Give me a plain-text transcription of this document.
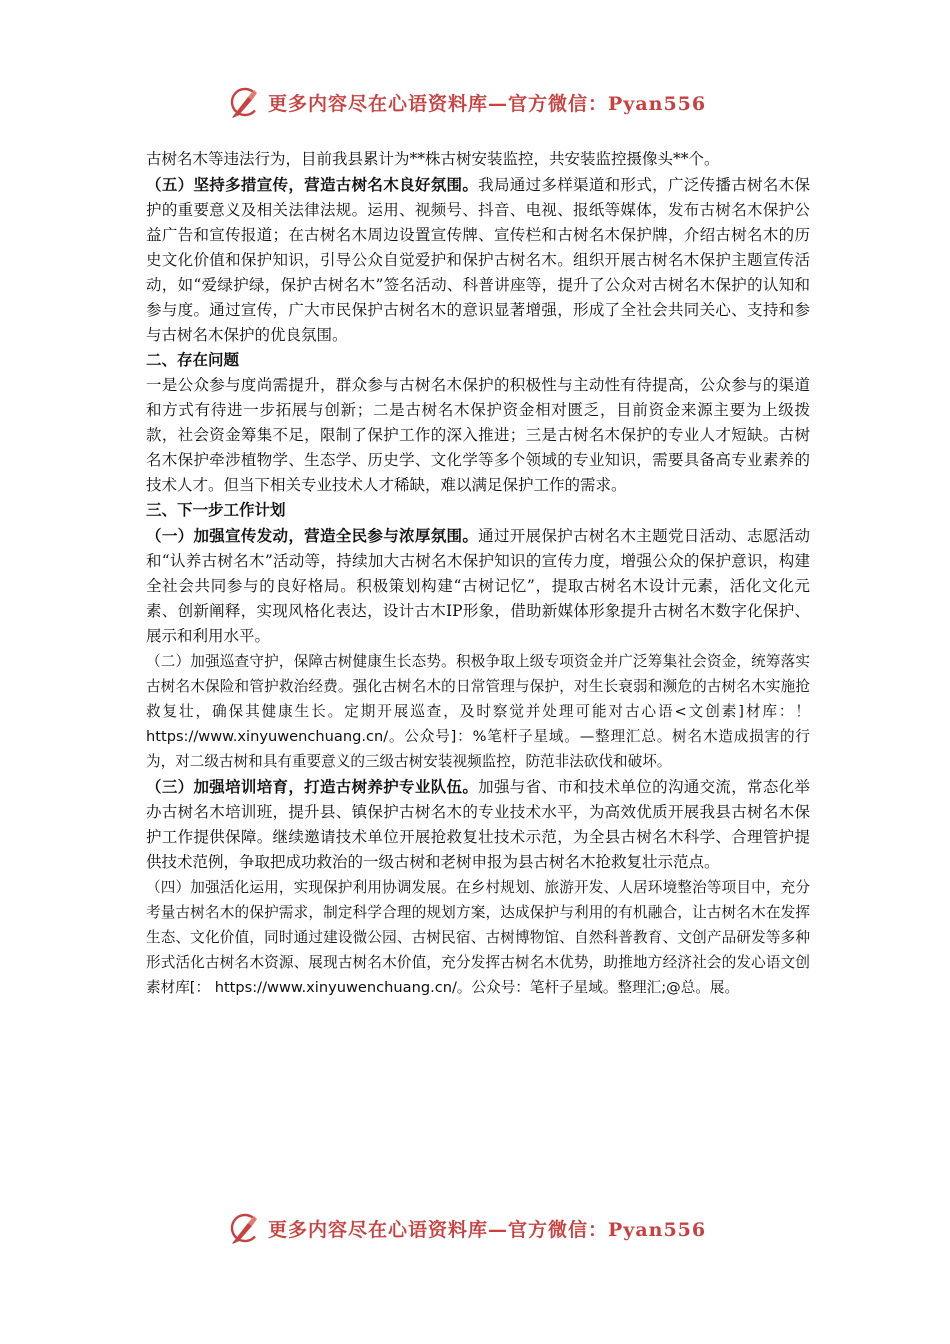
更多内容尽在心语资料库—官方微信：Pyan556

古树名木等违法行为，目前我县累计为**株古树安装监控，共安装监控摄像头**个。

（五）坚持多措宣传，营造古树名木良好氛围。我局通过多样渠道和形式，广泛传播古树名木保护的重要意义及相关法律法规。运用、视频号、抖音、电视、报纸等媒体，发布古树名木保护公益广告和宣传报道；在古树名木周边设置宣传牌、宣传栏和古树名木保护牌，介绍古树名木的历史文化价值和保护知识，引导公众自觉爱护和保护古树名木。组织开展古树名木保护主题宣传活动，如“爱绿护绿，保护古树名木”签名活动、科普讲座等，提升了公众对古树名木保护的认知和参与度。通过宣传，广大市民保护古树名木的意识显著增强，形成了全社会共同关心、支持和参与古树名木保护的优良氛围。

二、存在问题

一是公众参与度尚需提升，群众参与古树名木保护的积极性与主动性有待提高，公众参与的渠道和方式有待进一步拓展与创新；二是古树名木保护资金相对匮乏，目前资金来源主要为上级拨款，社会资金筹集不足，限制了保护工作的深入推进；三是古树名木保护的专业人才短缺。古树名木保护牵涉植物学、生态学、历史学、文化学等多个领域的专业知识，需要具备高专业素养的技术人才。但当下相关专业技术人才稀缺，难以满足保护工作的需求。

三、下一步工作计划

（一）加强宣传发动，营造全民参与浓厚氛围。通过开展保护古树名木主题党日活动、志愿活动和“认养古树名木”活动等，持续加大古树名木保护知识的宣传力度，增强公众的保护意识，构建全社会共同参与的良好格局。积极策划构建“古树记忆”，提取古树名木设计元素，活化文化元素、创新阐释，实现风格化表达，设计古木IP形象，借助新媒体形象提升古树名木数字化保护、展示和利用水平。

（二）加强巡查守护，保障古树健康生长态势。积极争取上级专项资金并广泛筹集社会资金，统筹落实古树名木保险和管护救治经费。强化古树名木的日常管理与保护，对生长衰弱和濒危的古树名木实施抢救复壮，确保其健康生长。定期开展巡查，及时察觉并处理可能对古心语<文创素]材库：！ https://www.xinyuwenchuang.cn/。公众号]：%笔杆子星域。—整理汇总。树名木造成损害的行为，对二级古树和具有重要意义的三级古树安装视频监控，防范非法砍伐和破坏。

（三）加强培训培育，打造古树养护专业队伍。加强与省、市和技术单位的沟通交流，常态化举办古树名木培训班，提升县、镇保护古树名木的专业技术水平，为高效优质开展我县古树名木保护工作提供保障。继续邀请技术单位开展抢救复壮技术示范，为全县古树名木科学、合理管护提供技术范例，争取把成功救治的一级古树和老树申报为县古树名木抢救复壮示范点。

（四）加强活化运用，实现保护利用协调发展。在乡村规划、旅游开发、人居环境整治等项目中，充分考量古树名木的保护需求，制定科学合理的规划方案，达成保护与利用的有机融合，让古树名木在发挥生态、文化价值，同时通过建设微公园、古树民宿、古树博物馆、自然科普教育、文创产品研发等多种形式活化古树名木资源、展现古树名木价值，充分发挥古树名木优势，助推地方经济社会的发心语文创素材库[： https://www.xinyuwenchuang.cn/。公众号：笔杆子星域。整理汇;@总。展。

更多内容尽在心语资料库—官方微信：Pyan556
